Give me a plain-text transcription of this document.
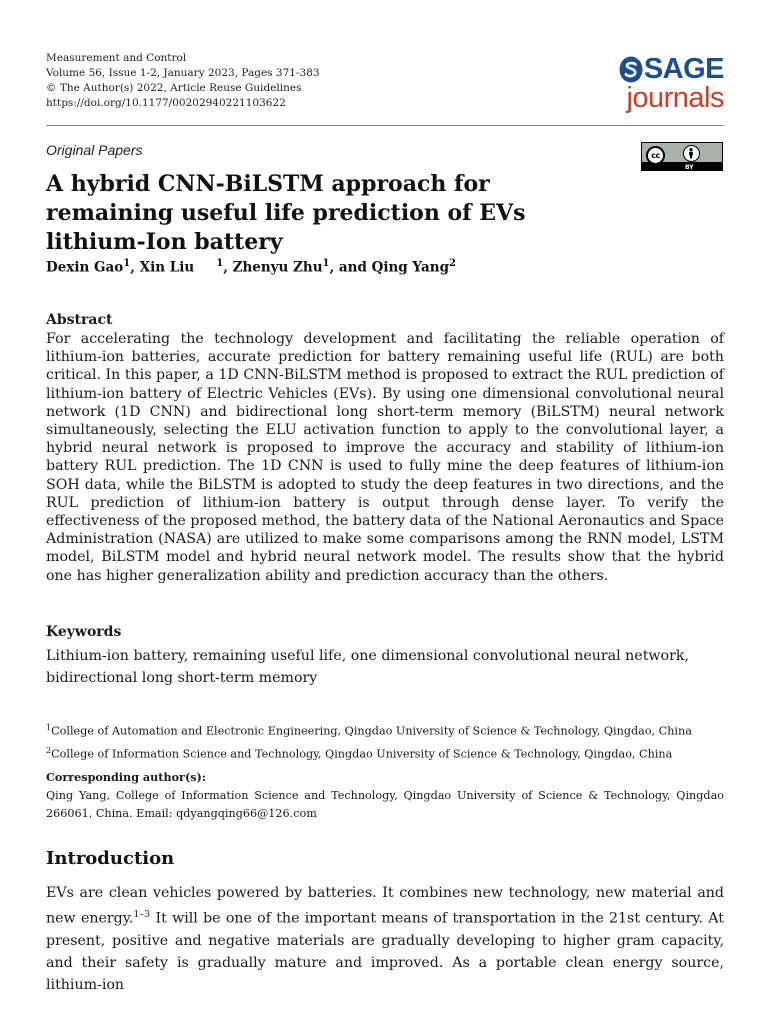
Measurement and Control
Volume 56, Issue 1-2, January 2023, Pages 371-383
© The Author(s) 2022, Article Reuse Guidelines
https://doi.org/10.1177/00202940221103622
SAGE
journals
Original Papers	cc
BY
A hybrid CNN-BiLSTM approach for remaining useful life prediction of EVs lithium-Ion battery
Dexin Gao$^1$, Xin Liu $^1$, Zhenyu Zhu$^1$, and Qing Yang$^2$
Abstract

For accelerating the technology development and facilitating the reliable operation of lithium-ion batteries, accurate prediction for battery remaining useful life (RUL) are both critical. In this paper, a 1D CNN-BiLSTM method is proposed to extract the RUL prediction of lithium-ion battery of Electric Vehicles (EVs). By using one dimensional convolutional neural network (1D CNN) and bidirectional long short-term memory (BiLSTM) neural network simultaneously, selecting the ELU activation function to apply to the convolutional layer, a hybrid neural network is proposed to improve the accuracy and stability of lithium-ion battery RUL prediction. The 1D CNN is used to fully mine the deep features of lithium-ion SOH data, while the BiLSTM is adopted to study the deep features in two directions, and the RUL prediction of lithium-ion battery is output through dense layer. To verify the effectiveness of the proposed method, the battery data of the National Aeronautics and Space Administration (NASA) are utilized to make some comparisons among the RNN model, LSTM model, BiLSTM model and hybrid neural network model. The results show that the hybrid one has higher generalization ability and prediction accuracy than the others.

Keywords
Lithium-ion battery, remaining useful life, one dimensional convolutional neural network, bidirectional long short-term memory
$^1$College of Automation and Electronic Engineering, Qingdao University of Science & Technology, Qingdao, China
$^2$College of Information Science and Technology, Qingdao University of Science & Technology, Qingdao, China
Corresponding author(s):
Qing Yang, College of Information Science and Technology, Qingdao University of Science & Technology, Qingdao 266061, China. Email: qdyangqing66@126.com
Introduction

EVs are clean vehicles powered by batteries. It combines new technology, new material and new energy.$^{1-3}$ It will be one of the important means of transportation in the 21st century. At present, positive and negative materials are gradually developing to higher gram capacity, and their safety is gradually mature and improved. As a portable clean energy source, lithium-ion
